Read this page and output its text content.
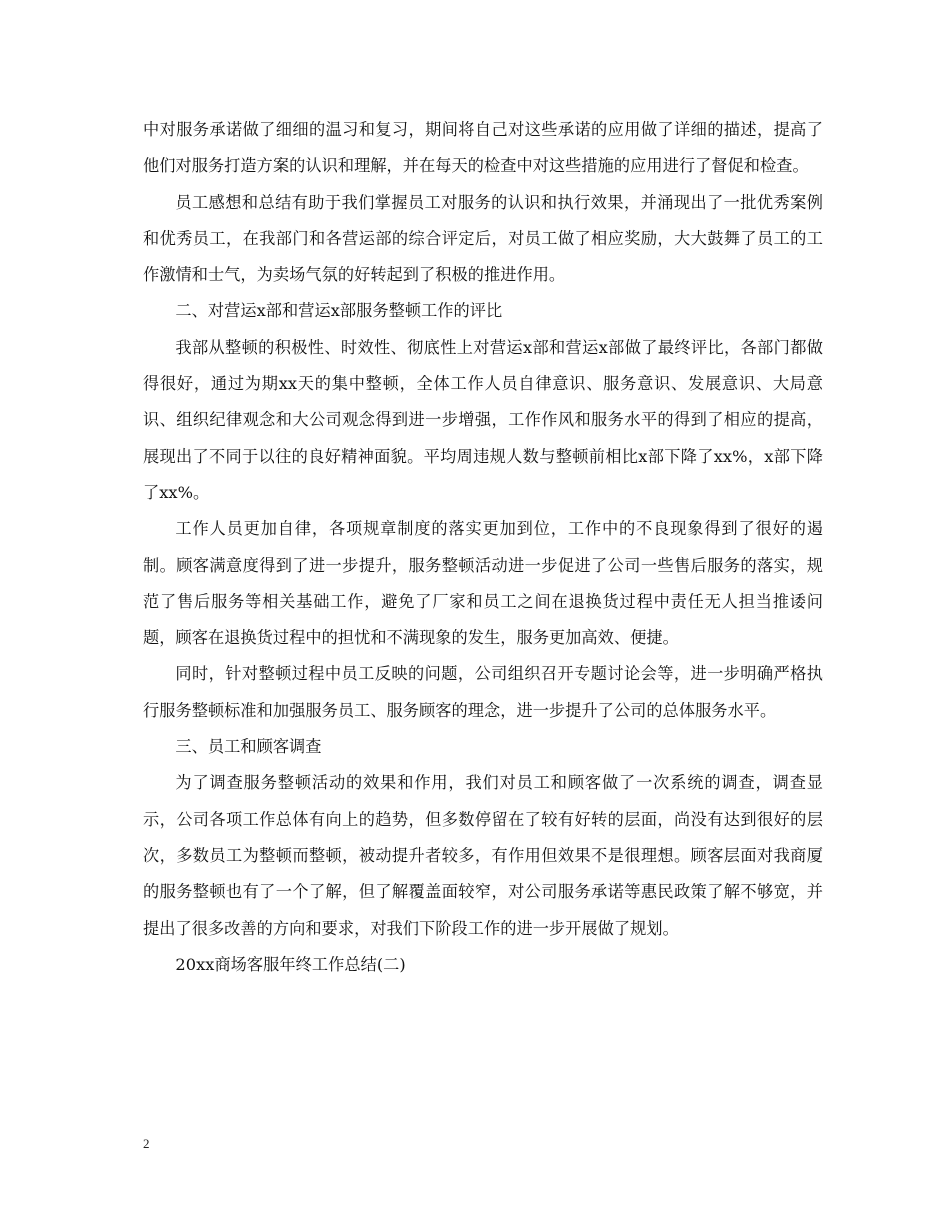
中对服务承诺做了细细的温习和复习，期间将自己对这些承诺的应用做了详细的描述，提高了他们对服务打造方案的认识和理解，并在每天的检查中对这些措施的应用进行了督促和检查。

员工感想和总结有助于我们掌握员工对服务的认识和执行效果，并涌现出了一批优秀案例和优秀员工，在我部门和各营运部的综合评定后，对员工做了相应奖励，大大鼓舞了员工的工作激情和士气，为卖场气氛的好转起到了积极的推进作用。

二、对营运x部和营运x部服务整顿工作的评比

我部从整顿的积极性、时效性、彻底性上对营运x部和营运x部做了最终评比，各部门都做得很好，通过为期xx天的集中整顿，全体工作人员自律意识、服务意识、发展意识、大局意识、组织纪律观念和大公司观念得到进一步增强，工作作风和服务水平的得到了相应的提高，展现出了不同于以往的良好精神面貌。平均周违规人数与整顿前相比x部下降了xx%，x部下降了xx%。

工作人员更加自律，各项规章制度的落实更加到位，工作中的不良现象得到了很好的遏制。顾客满意度得到了进一步提升，服务整顿活动进一步促进了公司一些售后服务的落实，规范了售后服务等相关基础工作，避免了厂家和员工之间在退换货过程中责任无人担当推诿问题，顾客在退换货过程中的担忧和不满现象的发生，服务更加高效、便捷。

同时，针对整顿过程中员工反映的问题，公司组织召开专题讨论会等，进一步明确严格执行服务整顿标准和加强服务员工、服务顾客的理念，进一步提升了公司的总体服务水平。

三、员工和顾客调查

为了调查服务整顿活动的效果和作用，我们对员工和顾客做了一次系统的调查，调查显示，公司各项工作总体有向上的趋势，但多数停留在了较有好转的层面，尚没有达到很好的层次，多数员工为整顿而整顿，被动提升者较多，有作用但效果不是很理想。顾客层面对我商厦的服务整顿也有了一个了解，但了解覆盖面较窄，对公司服务承诺等惠民政策了解不够宽，并提出了很多改善的方向和要求，对我们下阶段工作的进一步开展做了规划。

20xx商场客服年终工作总结(二)

2
